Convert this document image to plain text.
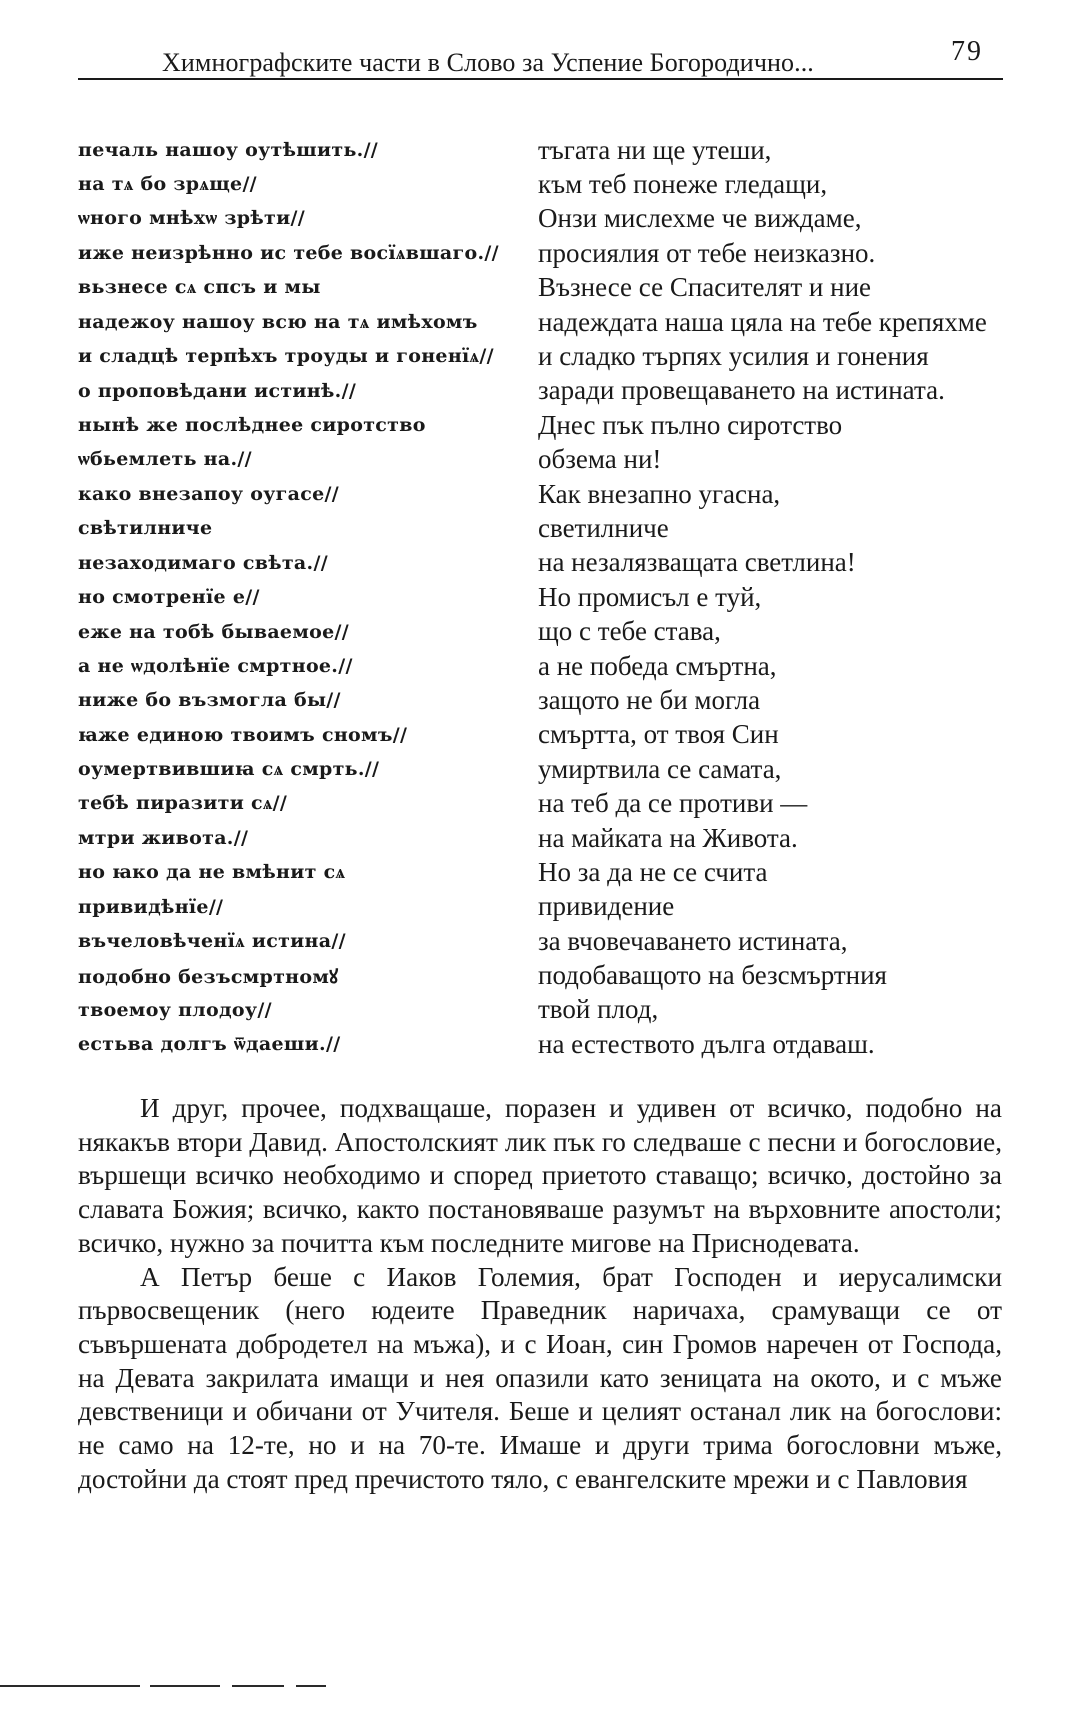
Химнографските части в Слово за Успение Богородично...	79
печаль нашоу оутѣшить.//	тъгата ни ще утеши,
на тѧ бо зрѧще//	към теб понеже гледащи,
ѡного мнѣхѡ зрѣти//	Онзи мислехме че виждаме,
иже неизрѣнно ис тебе восїѧвшаго.//	просиялия от тебе неизказно.
вьзнесе сѧ спсъ и мы	Възнесе се Спасителят и ние
надежоу нашоу всю на тѧ имѣхомъ	надеждата наша цяла на тебе крепяхме
и сладцѣ терпѣхъ троуды и гоненїѧ//	и сладко търпях усилия и гонения
о проповѣдани истинѣ.//	заради провещаването на истината.
нынѣ же послѣднее сиротство	Днес пък пълно сиротство
ѡбьемлеть на.//	обзема ни!
како внезапоу оугасе//	Как внезапно угасна,
свѣтилниче	светилниче
незаходимаго свѣта.//	на незалязващата светлина!
но смотренїе е//	Но промисъл е туй,
еже на тобѣ бываемое//	що с тебе става,
а не ѡдолѣнїе смртное.//	а не победа смъртна,
ниже бо възмогла бы//	защото не би могла
ꙗже единою твоимъ сномъ//	смъртта, от твоя Син
оумертвившиꙗ сѧ смрть.//	умиртвила се самата,
тебѣ пиразити сѧ//	на теб да се противи —
мтри живота.//	на майката на Живота.
но ꙗко да не вмѣнит сѧ	Но за да не се счита
привидѣнїе//	привидение
въчеловѣченїѧ истина//	за вчовечаването истината,
подобно безъсмртномꙋ	подобаващото на безсмъртния
твоемоу плодоу//	твой плод,
естьва долгъ ѿдаеши.//	на естеството дълга отдаваш.

И друг, прочее, подхващаше, поразен и удивен от всичко, подобно на някакъв втори Давид. Апостолският лик пък го следваше с песни и богословие, вършещи всичко необходимо и според приетото ставащо; всичко, достойно за славата Божия; всичко, както постановяваше разумът на върховните апостоли; всичко, нужно за почитта към последните мигове на Приснодевата.

А Петър беше с Иаков Големия, брат Господен и иерусалимски първосвещеник (него юдеите Праведник наричаха, срамуващи се от съвършената добродетел на мъжа), и с Иоан, син Громов наречен от Господа, на Девата закрилата имащи и нея опазили като зеницата на окото, и с мъже девственици и обичани от Учителя. Беше и целият останал лик на богослови: не само на 12-те, но и на 70-те. Имаше и други трима богословни мъже, достойни да стоят пред пречистото тяло, с евангелските мрежи и с Павловия
